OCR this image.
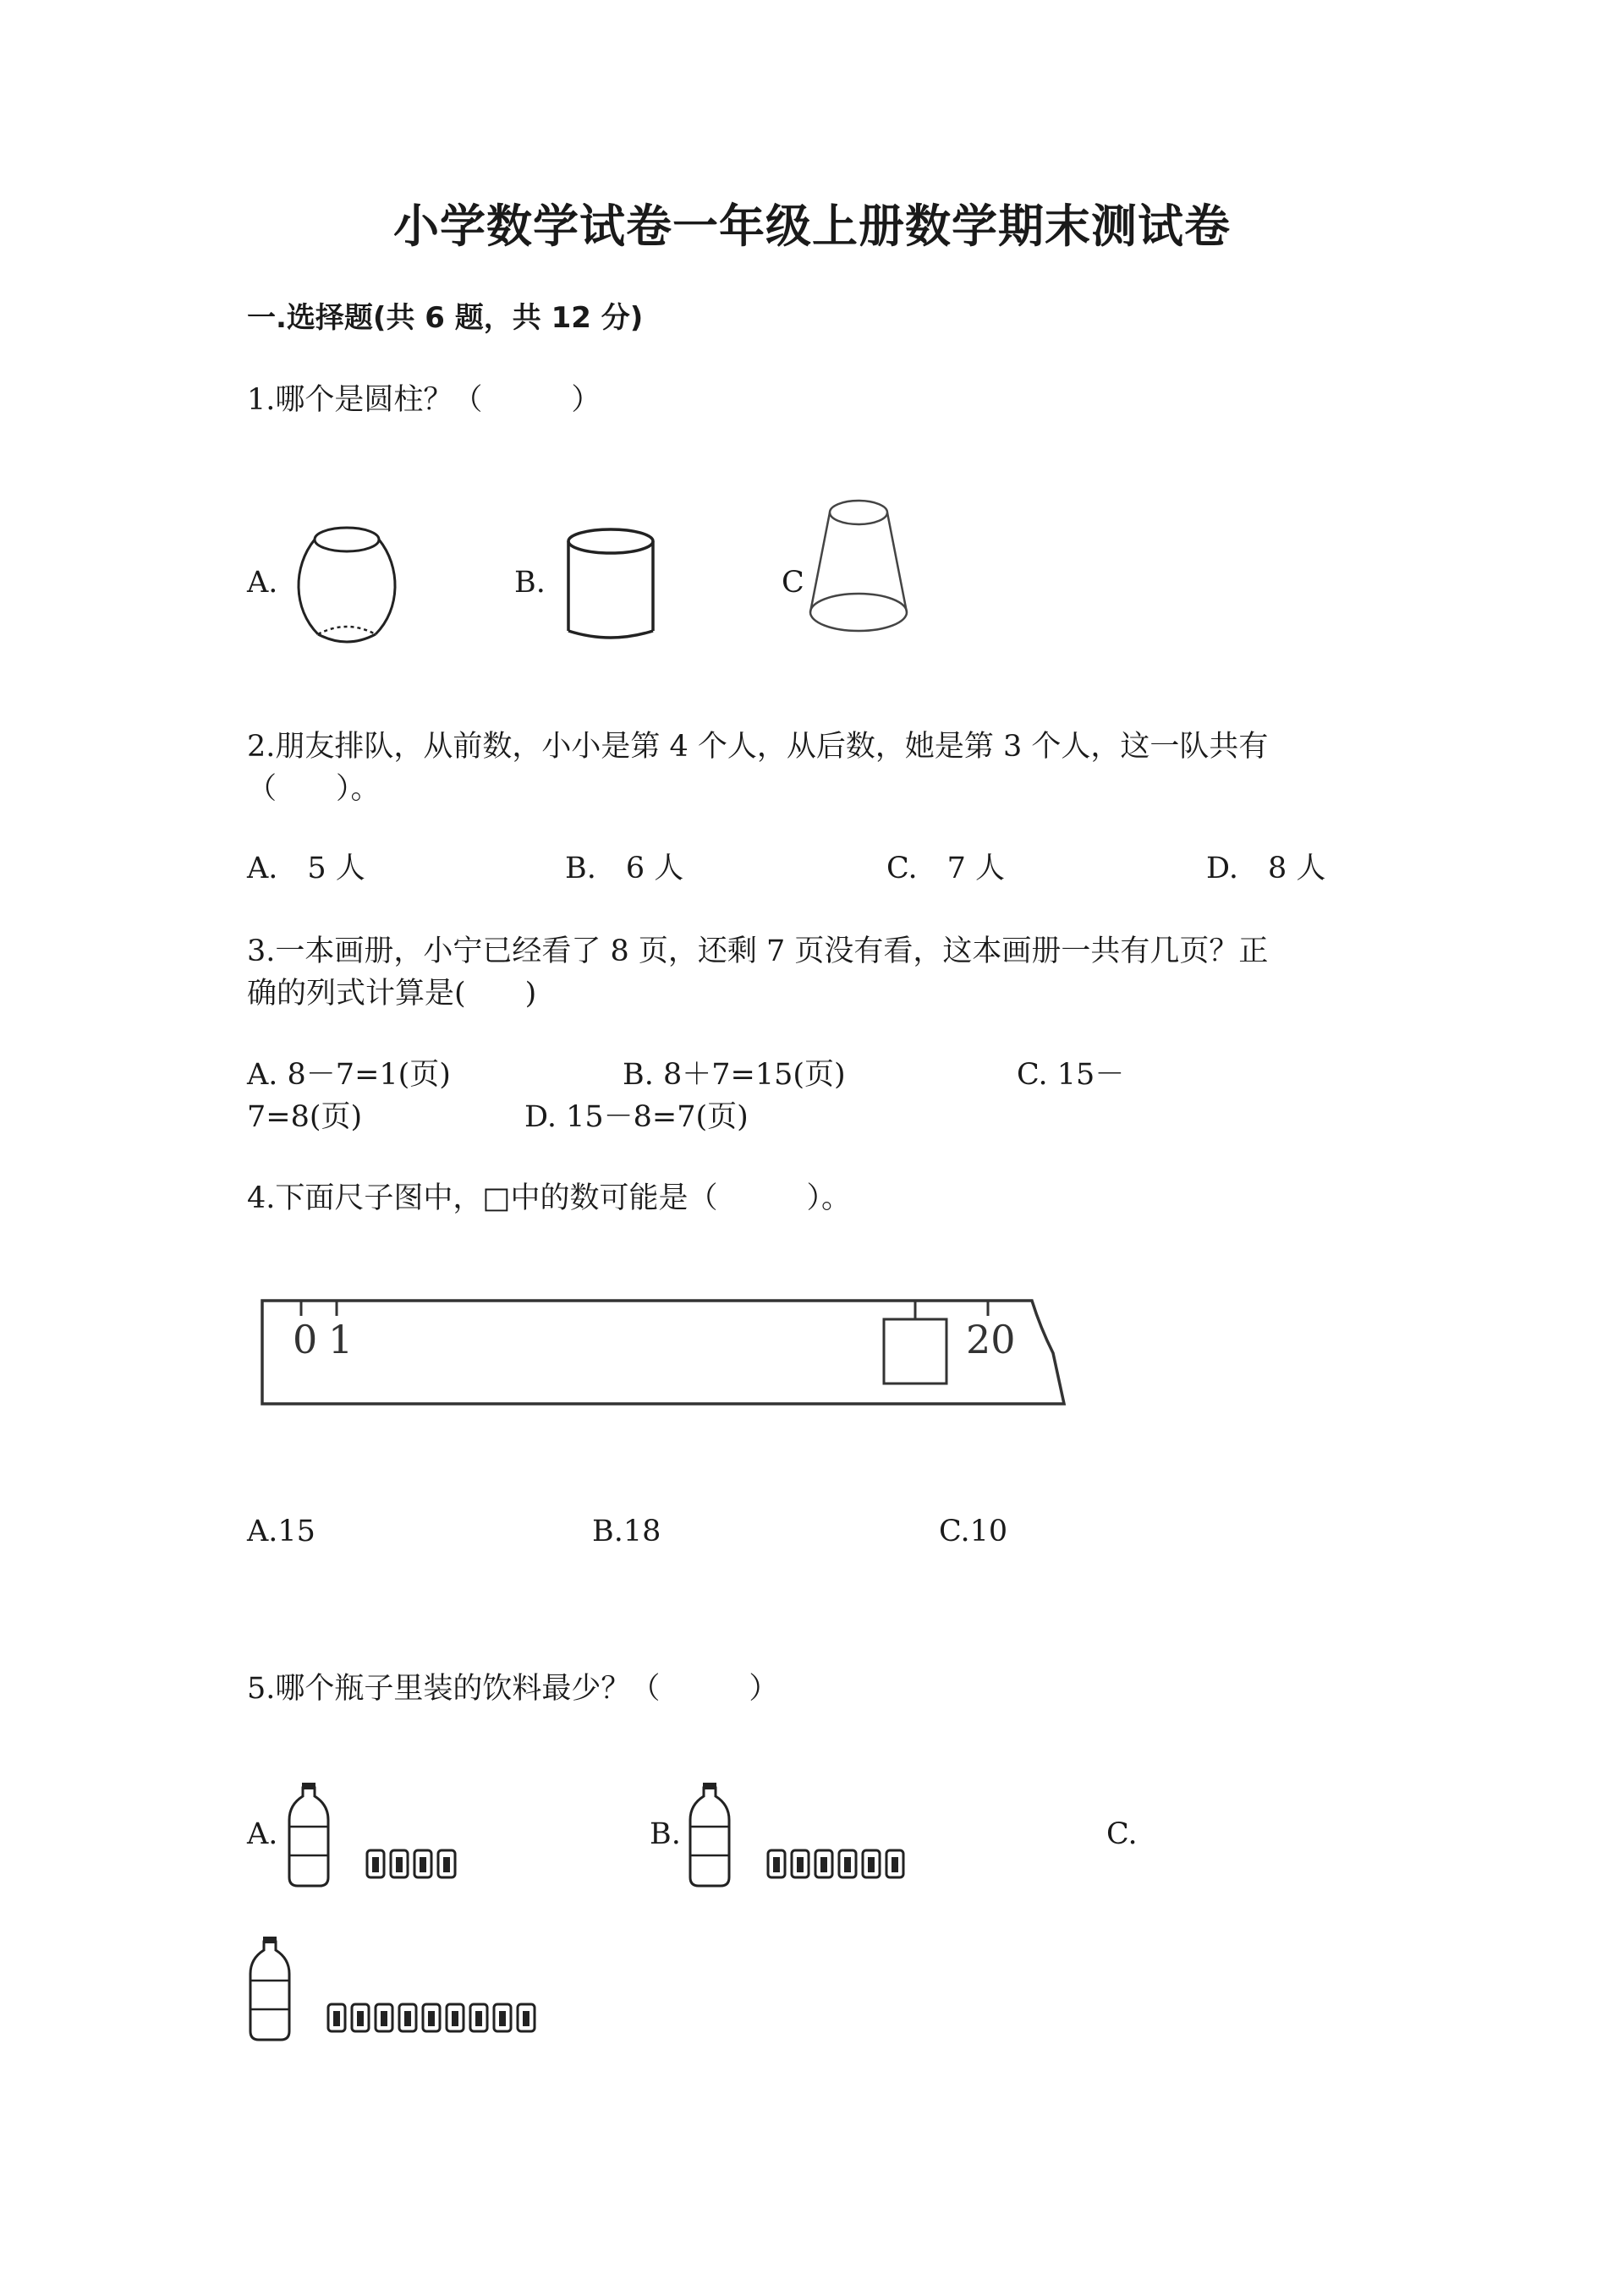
小学数学试卷一年级上册数学期末测试卷
一.选择题(共 6 题，共 12 分)
1.哪个是圆柱？（　　　）
A.	B.	C
2.朋友排队，从前数，小小是第 4 个人，从后数，她是第 3 个人，这一队共有
（　　）。
A.　5 人	B.　6 人	C.　7 人	D.　8 人
3.一本画册，小宁已经看了 8 页，还剩 7 页没有看，这本画册一共有几页？正
确的列式计算是(　　)
A. 8－7=1(页)	B. 8＋7=15(页)	C. 15－
7=8(页)	D. 15－8=7(页)
4.下面尺子图中，□中的数可能是（　　　）。
0 1	20
A.15	B.18	C.10
5.哪个瓶子里装的饮料最少？（　　　）
A.	B.	C.
